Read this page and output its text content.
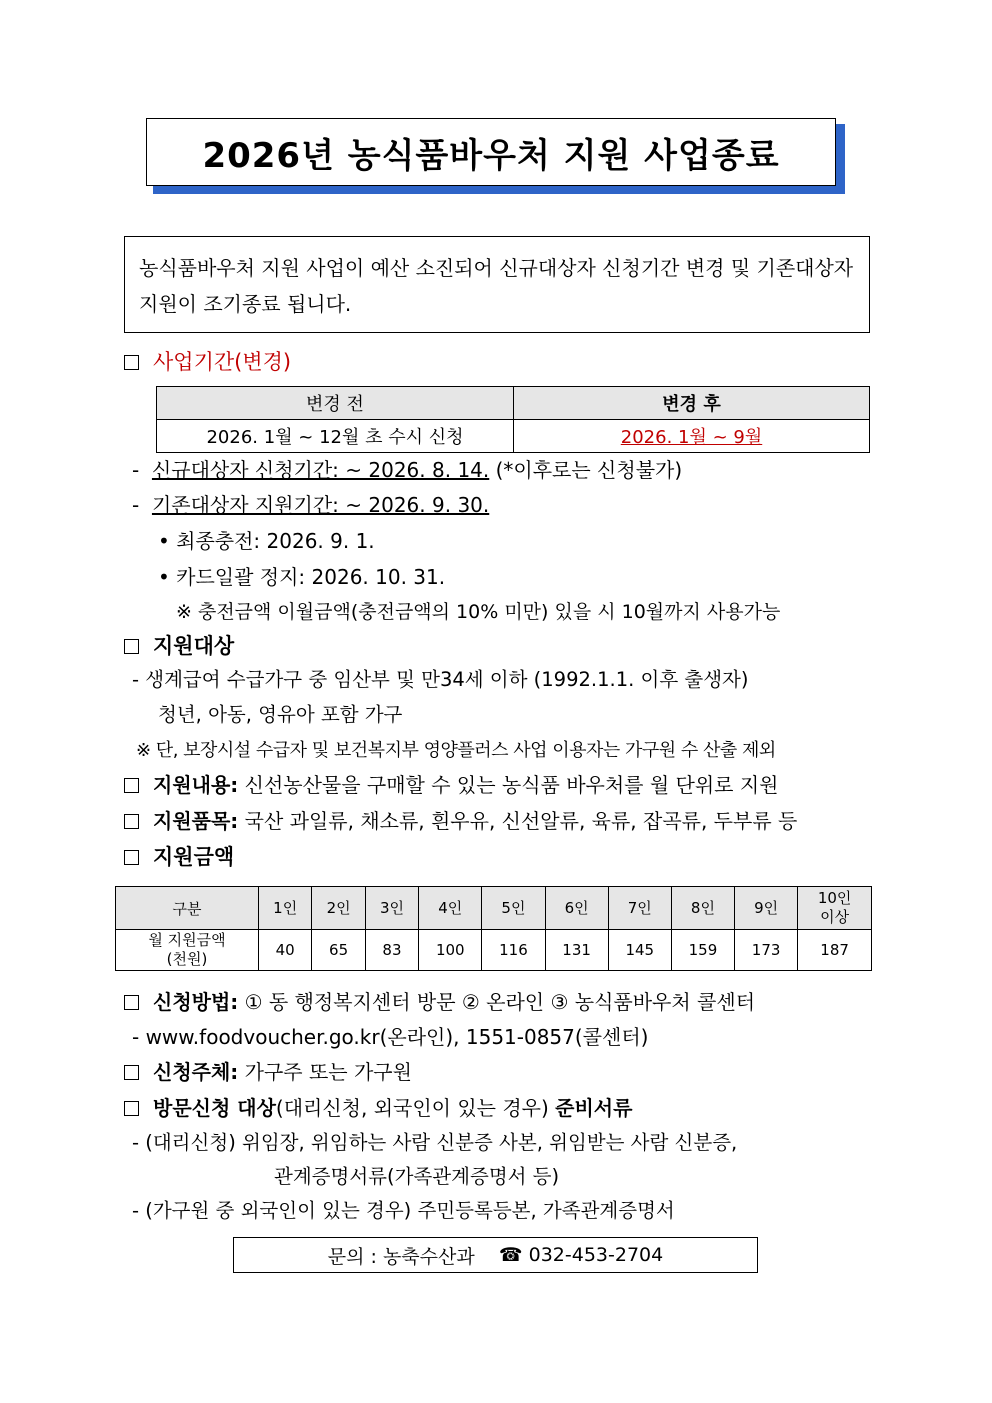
2026년 농식품바우처 지원 사업종료
농식품바우처 지원 사업이 예산 소진되어 신규대상자 신청기간 변경 및 기존대상자 지원이 조기종료 됩니다.
사업기간(변경)
변경 전	변경 후
2026. 1월 ~ 12월 초 수시 신청	2026. 1월 ~ 9월
-  신규대상자 신청기간: ~ 2026. 8. 14. (*이후로는 신청불가)
-  기존대상자 지원기간: ~ 2026. 9. 30.
• 최종충전: 2026. 9. 1.
• 카드일괄 정지: 2026. 10. 31.
※ 충전금액 이월금액(충전금액의 10% 미만) 있을 시 10월까지 사용가능
지원대상
- 생계급여 수급가구 중 임산부 및 만34세 이하 (1992.1.1. 이후 출생자)
청년, 아동, 영유아 포함 가구
※ 단, 보장시설 수급자 및 보건복지부 영양플러스 사업 이용자는 가구원 수 산출 제외
지원내용: 신선농산물을 구매할 수 있는 농식품 바우처를 월 단위로 지원
지원품목: 국산 과일류, 채소류, 흰우유, 신선알류, 육류, 잡곡류, 두부류 등
지원금액
구분	1인	2인	3인	4인	5인	6인	7인	8인	9인	10인
이상
월 지원금액
(천원)	40	65	83	100	116	131	145	159	173	187
신청방법: ① 동 행정복지센터 방문 ② 온라인 ③ 농식품바우처 콜센터
- www.foodvoucher.go.kr(온라인), 1551-0857(콜센터)
신청주체: 가구주 또는 가구원
방문신청 대상(대리신청, 외국인이 있는 경우) 준비서류
- (대리신청) 위임장, 위임하는 사람 신분증 사본, 위임받는 사람 신분증,
관계증명서류(가족관계증명서 등)
- (가구원 중 외국인이 있는 경우) 주민등록등본, 가족관계증명서
문의 : 농축수산과
☎
032-453-2704
